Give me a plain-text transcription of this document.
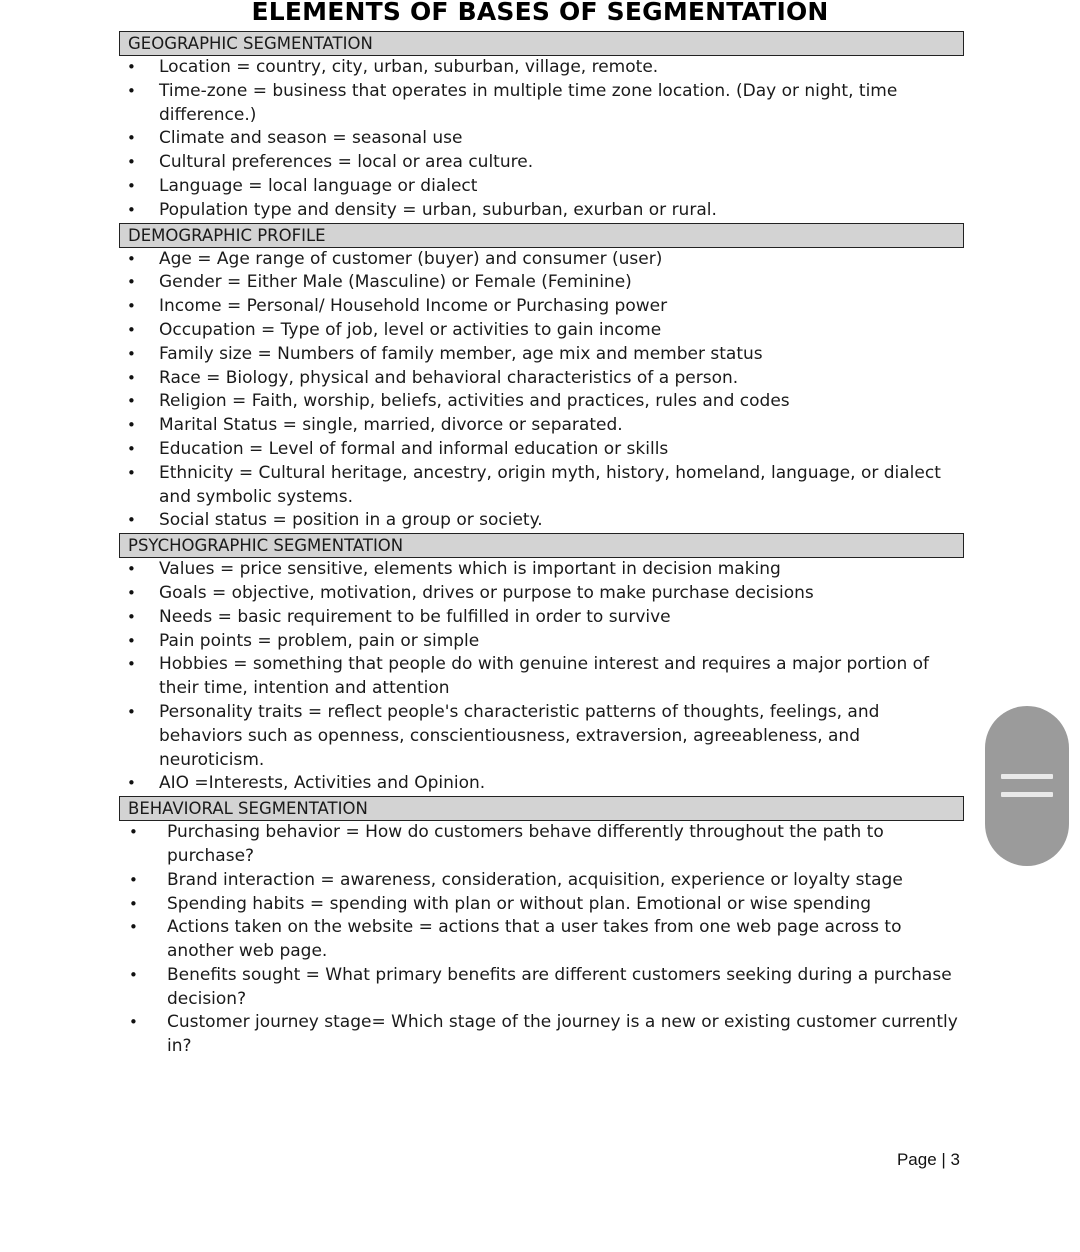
ELEMENTS OF BASES OF SEGMENTATION
GEOGRAPHIC SEGMENTATION
• Location = country, city, urban, suburban, village, remote.
• Time-zone = business that operates in multiple time zone location. (Day or night, time difference.)
• Climate and season = seasonal use
• Cultural preferences = local or area culture.
• Language = local language or dialect
• Population type and density = urban, suburban, exurban or rural.
DEMOGRAPHIC PROFILE
• Age = Age range of customer (buyer) and consumer (user)
• Gender = Either Male (Masculine) or Female (Feminine)
• Income = Personal/ Household Income or Purchasing power
• Occupation = Type of job, level or activities to gain income
• Family size = Numbers of family member, age mix and member status
• Race = Biology, physical and behavioral characteristics of a person.
• Religion = Faith, worship, beliefs, activities and practices, rules and codes
• Marital Status = single, married, divorce or separated.
• Education = Level of formal and informal education or skills
• Ethnicity = Cultural heritage, ancestry, origin myth, history, homeland, language, or dialect and symbolic systems.
• Social status = position in a group or society.
PSYCHOGRAPHIC SEGMENTATION
• Values = price sensitive, elements which is important in decision making
• Goals = objective, motivation, drives or purpose to make purchase decisions
• Needs = basic requirement to be fulfilled in order to survive
• Pain points = problem, pain or simple
• Hobbies = something that people do with genuine interest and requires a major portion of their time, intention and attention
• Personality traits = reflect people's characteristic patterns of thoughts, feelings, and behaviors such as openness, conscientiousness, extraversion, agreeableness, and neuroticism.
• AIO =Interests, Activities and Opinion.
BEHAVIORAL SEGMENTATION
• Purchasing behavior = How do customers behave differently throughout the path to purchase?
• Brand interaction = awareness, consideration, acquisition, experience or loyalty stage
• Spending habits = spending with plan or without plan. Emotional or wise spending
• Actions taken on the website = actions that a user takes from one web page across to another web page.
• Benefits sought = What primary benefits are different customers seeking during a purchase decision?
• Customer journey stage= Which stage of the journey is a new or existing customer currently in?
Page | 3
